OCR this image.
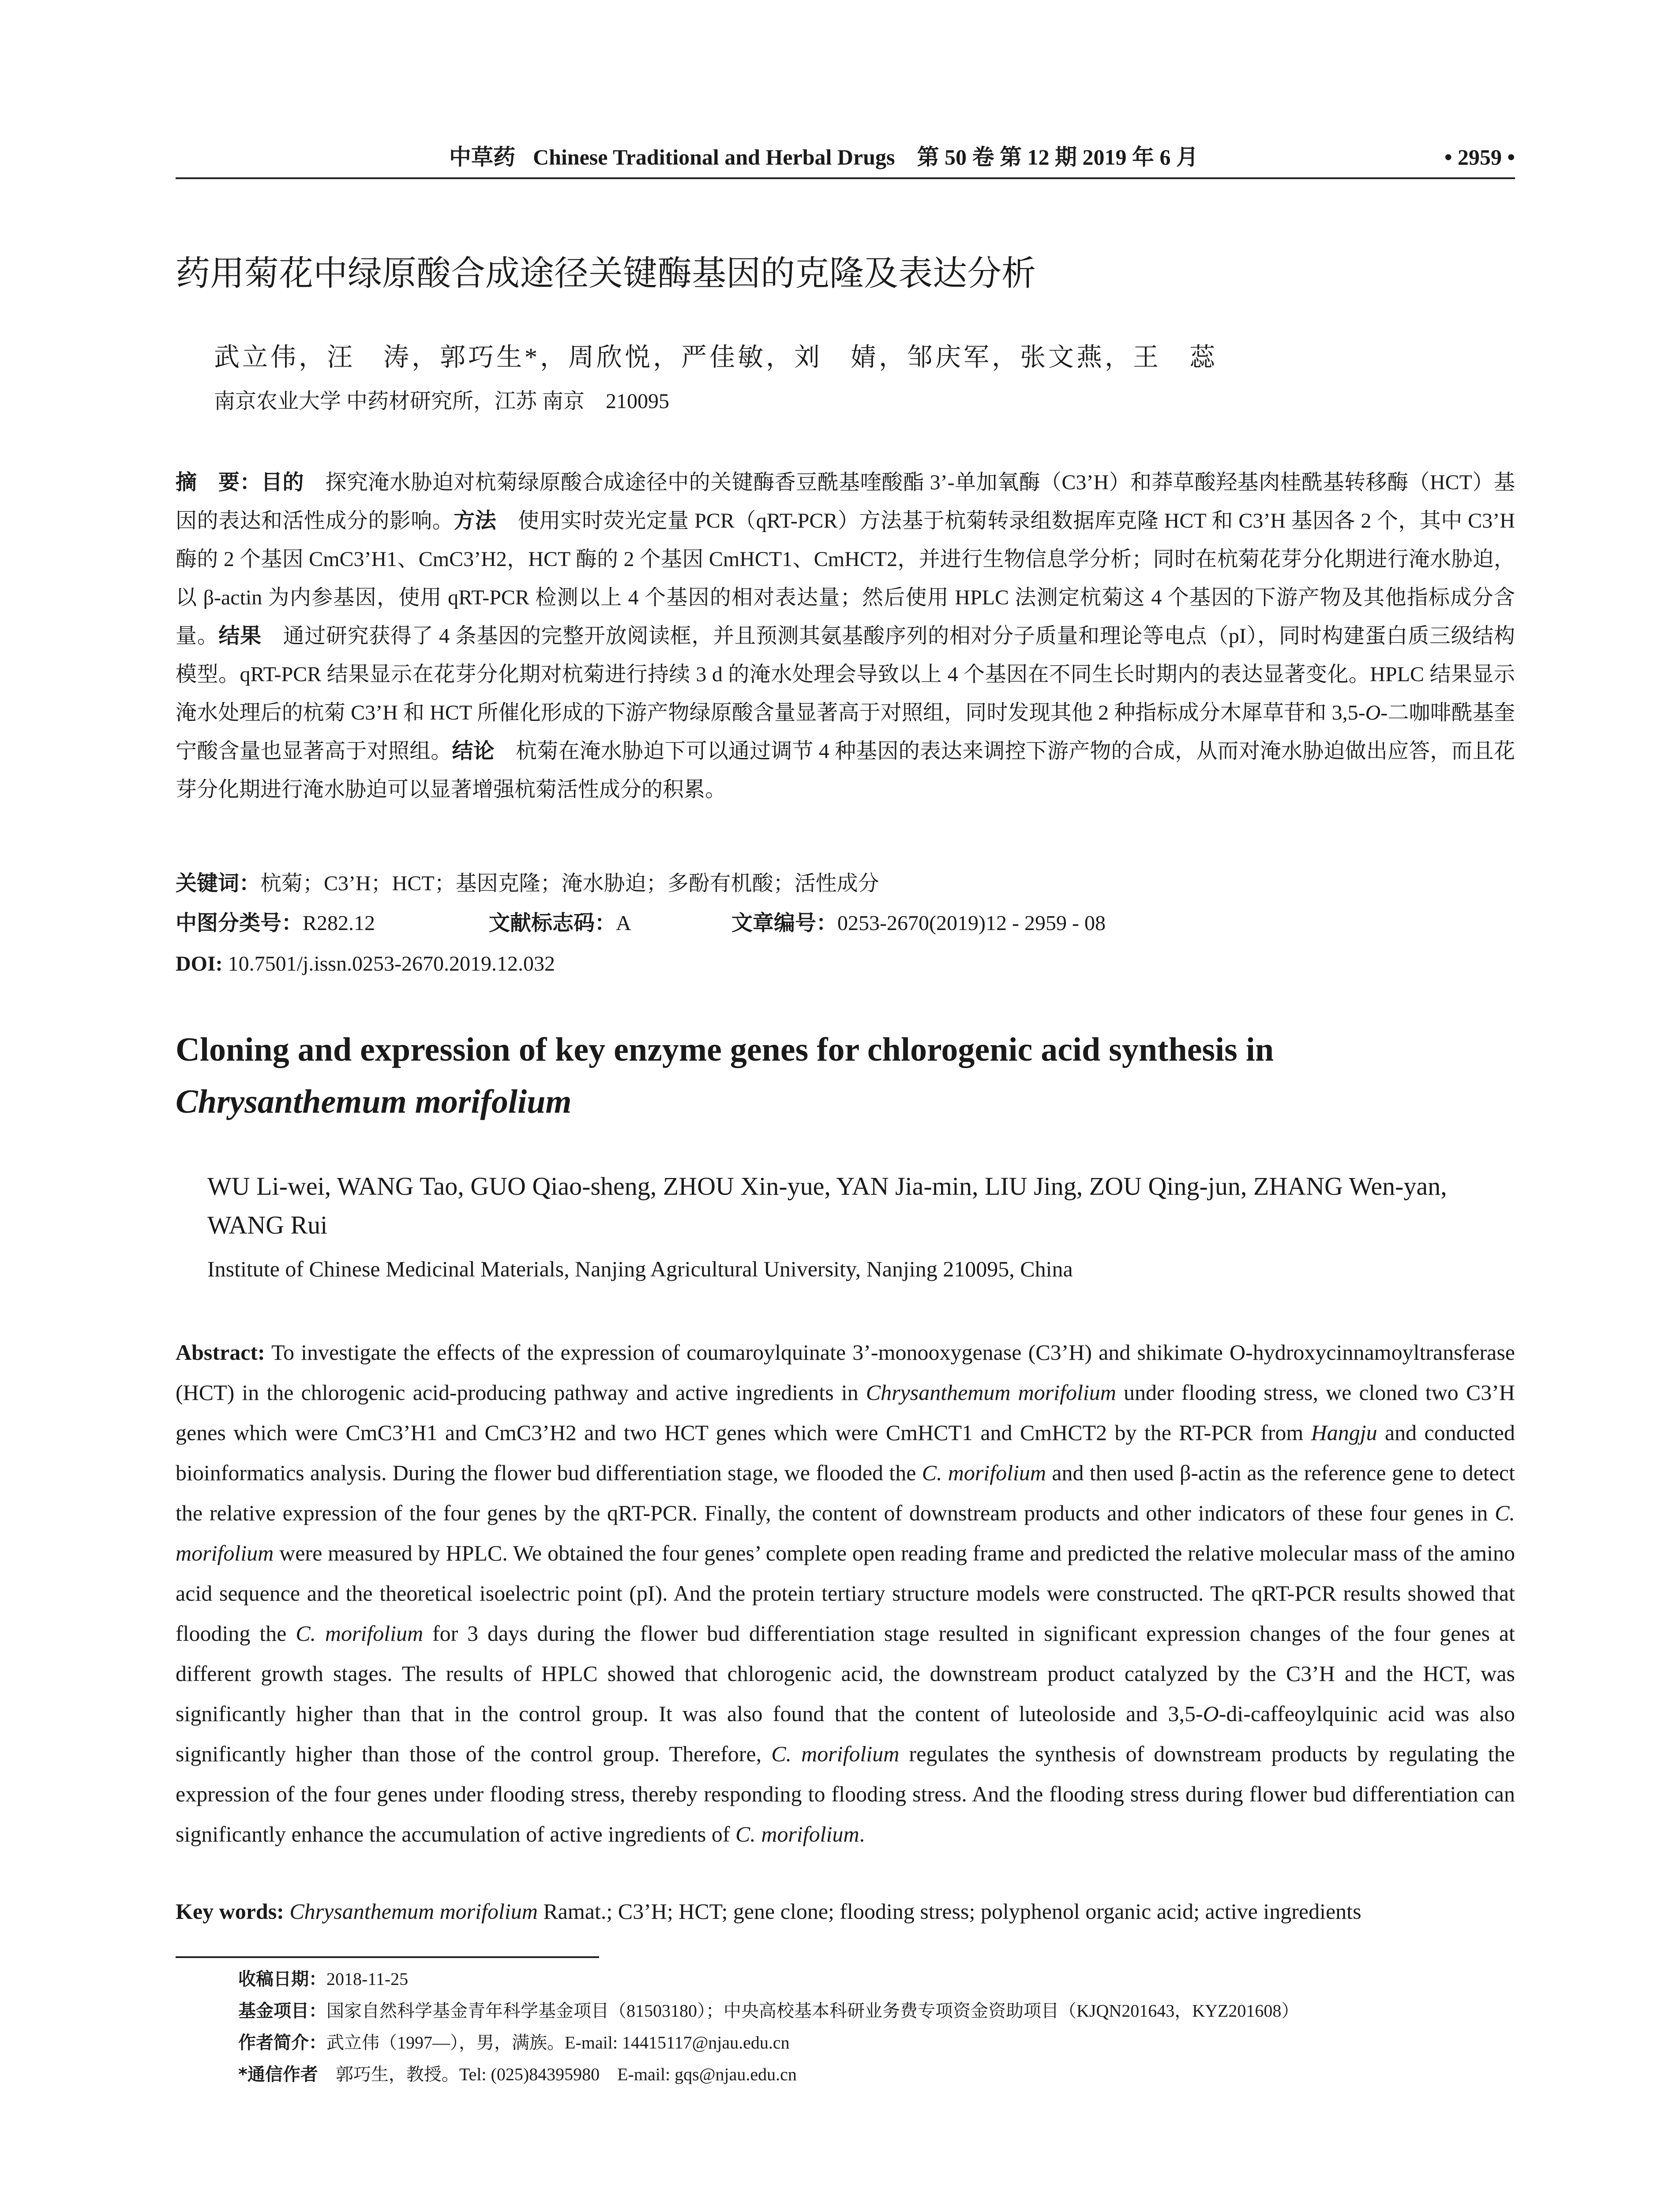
中草药 Chinese Traditional and Herbal Drugs　 第 50 卷 第 12 期 2019 年 6 月	• 2959 •
药用菊花中绿原酸合成途径关键酶基因的克隆及表达分析
武立伟，汪　涛，郭巧生*，周欣悦，严佳敏，刘　婧，邹庆军，张文燕，王　蕊
南京农业大学 中药材研究所，江苏 南京　210095
摘　要：目的　 探究淹水胁迫对杭菊绿原酸合成途径中的关键酶香豆酰基喹酸酯 3’-单加氧酶（C3’H）和莽草酸羟基肉桂酰基转移酶（HCT）基因的表达和活性成分的影响。方法　 使用实时荧光定量 PCR（qRT-PCR）方法基于杭菊转录组数据库克隆 HCT 和 C3’H 基因各 2 个，其中 C3’H 酶的 2 个基因 CmC3’H1、CmC3’H2，HCT 酶的 2 个基因 CmHCT1、CmHCT2，并进行生物信息学分析；同时在杭菊花芽分化期进行淹水胁迫，以 β-actin 为内参基因，使用 qRT-PCR 检测以上 4 个基因的相对表达量；然后使用 HPLC 法测定杭菊这 4 个基因的下游产物及其他指标成分含量。结果　 通过研究获得了 4 条基因的完整开放阅读框，并且预测其氨基酸序列的相对分子质量和理论等电点（pI），同时构建蛋白质三级结构模型。qRT-PCR 结果显示在花芽分化期对杭菊进行持续 3 d 的淹水处理会导致以上 4 个基因在不同生长时期内的表达显著变化。HPLC 结果显示淹水处理后的杭菊 C3’H 和 HCT 所催化形成的下游产物绿原酸含量显著高于对照组，同时发现其他 2 种指标成分木犀草苷和 3,5-O-二咖啡酰基奎宁酸含量也显著高于对照组。结论　 杭菊在淹水胁迫下可以通过调节 4 种基因的表达来调控下游产物的合成，从而对淹水胁迫做出应答，而且花芽分化期进行淹水胁迫可以显著增强杭菊活性成分的积累。
关键词：杭菊；C3’H；HCT；基因克隆；淹水胁迫；多酚有机酸；活性成分
中图分类号：R282.12	文献标志码：A	文章编号：0253-2670(2019)12 - 2959 - 08
DOI: 10.7501/j.issn.0253-2670.2019.12.032
Cloning and expression of key enzyme genes for chlorogenic acid synthesis in
Chrysanthemum morifolium
WU Li-wei, WANG Tao, GUO Qiao-sheng, ZHOU Xin-yue, YAN Jia-min, LIU Jing, ZOU Qing-jun, ZHANG Wen-yan, WANG Rui
Institute of Chinese Medicinal Materials, Nanjing Agricultural University, Nanjing 210095, China
Abstract: To investigate the effects of the expression of coumaroylquinate 3’-monooxygenase (C3’H) and shikimate O-hydroxycinnamoyltransferase (HCT) in the chlorogenic acid-producing pathway and active ingredients in Chrysanthemum morifolium under flooding stress, we cloned two C3’H genes which were CmC3’H1 and CmC3’H2 and two HCT genes which were CmHCT1 and CmHCT2 by the RT-PCR from Hangju and conducted bioinformatics analysis. During the flower bud differentiation stage, we flooded the C. morifolium and then used β-actin as the reference gene to detect the relative expression of the four genes by the qRT-PCR. Finally, the content of downstream products and other indicators of these four genes in C. morifolium were measured by HPLC. We obtained the four genes’ complete open reading frame and predicted the relative molecular mass of the amino acid sequence and the theoretical isoelectric point (pI). And the protein tertiary structure models were constructed. The qRT-PCR results showed that flooding the C. morifolium for 3 days during the flower bud differentiation stage resulted in significant expression changes of the four genes at different growth stages. The results of HPLC showed that chlorogenic acid, the downstream product catalyzed by the C3’H and the HCT, was significantly higher than that in the control group. It was also found that the content of luteoloside and 3,5-O-di-caffeoylquinic acid was also significantly higher than those of the control group. Therefore, C. morifolium regulates the synthesis of downstream products by regulating the expression of the four genes under flooding stress, thereby responding to flooding stress. And the flooding stress during flower bud differentiation can significantly enhance the accumulation of active ingredients of C. morifolium.
Key words: Chrysanthemum morifolium Ramat.; C3’H; HCT; gene clone; flooding stress; polyphenol organic acid; active ingredients
收稿日期：2018-11-25
基金项目：国家自然科学基金青年科学基金项目（81503180）；中央高校基本科研业务费专项资金资助项目（KJQN201643，KYZ201608）
作者简介：武立伟（1997—），男，满族。E-mail: 14415117@njau.edu.cn
*通信作者　 郭巧生，教授。Tel: (025)84395980　E-mail: gqs@njau.edu.cn
